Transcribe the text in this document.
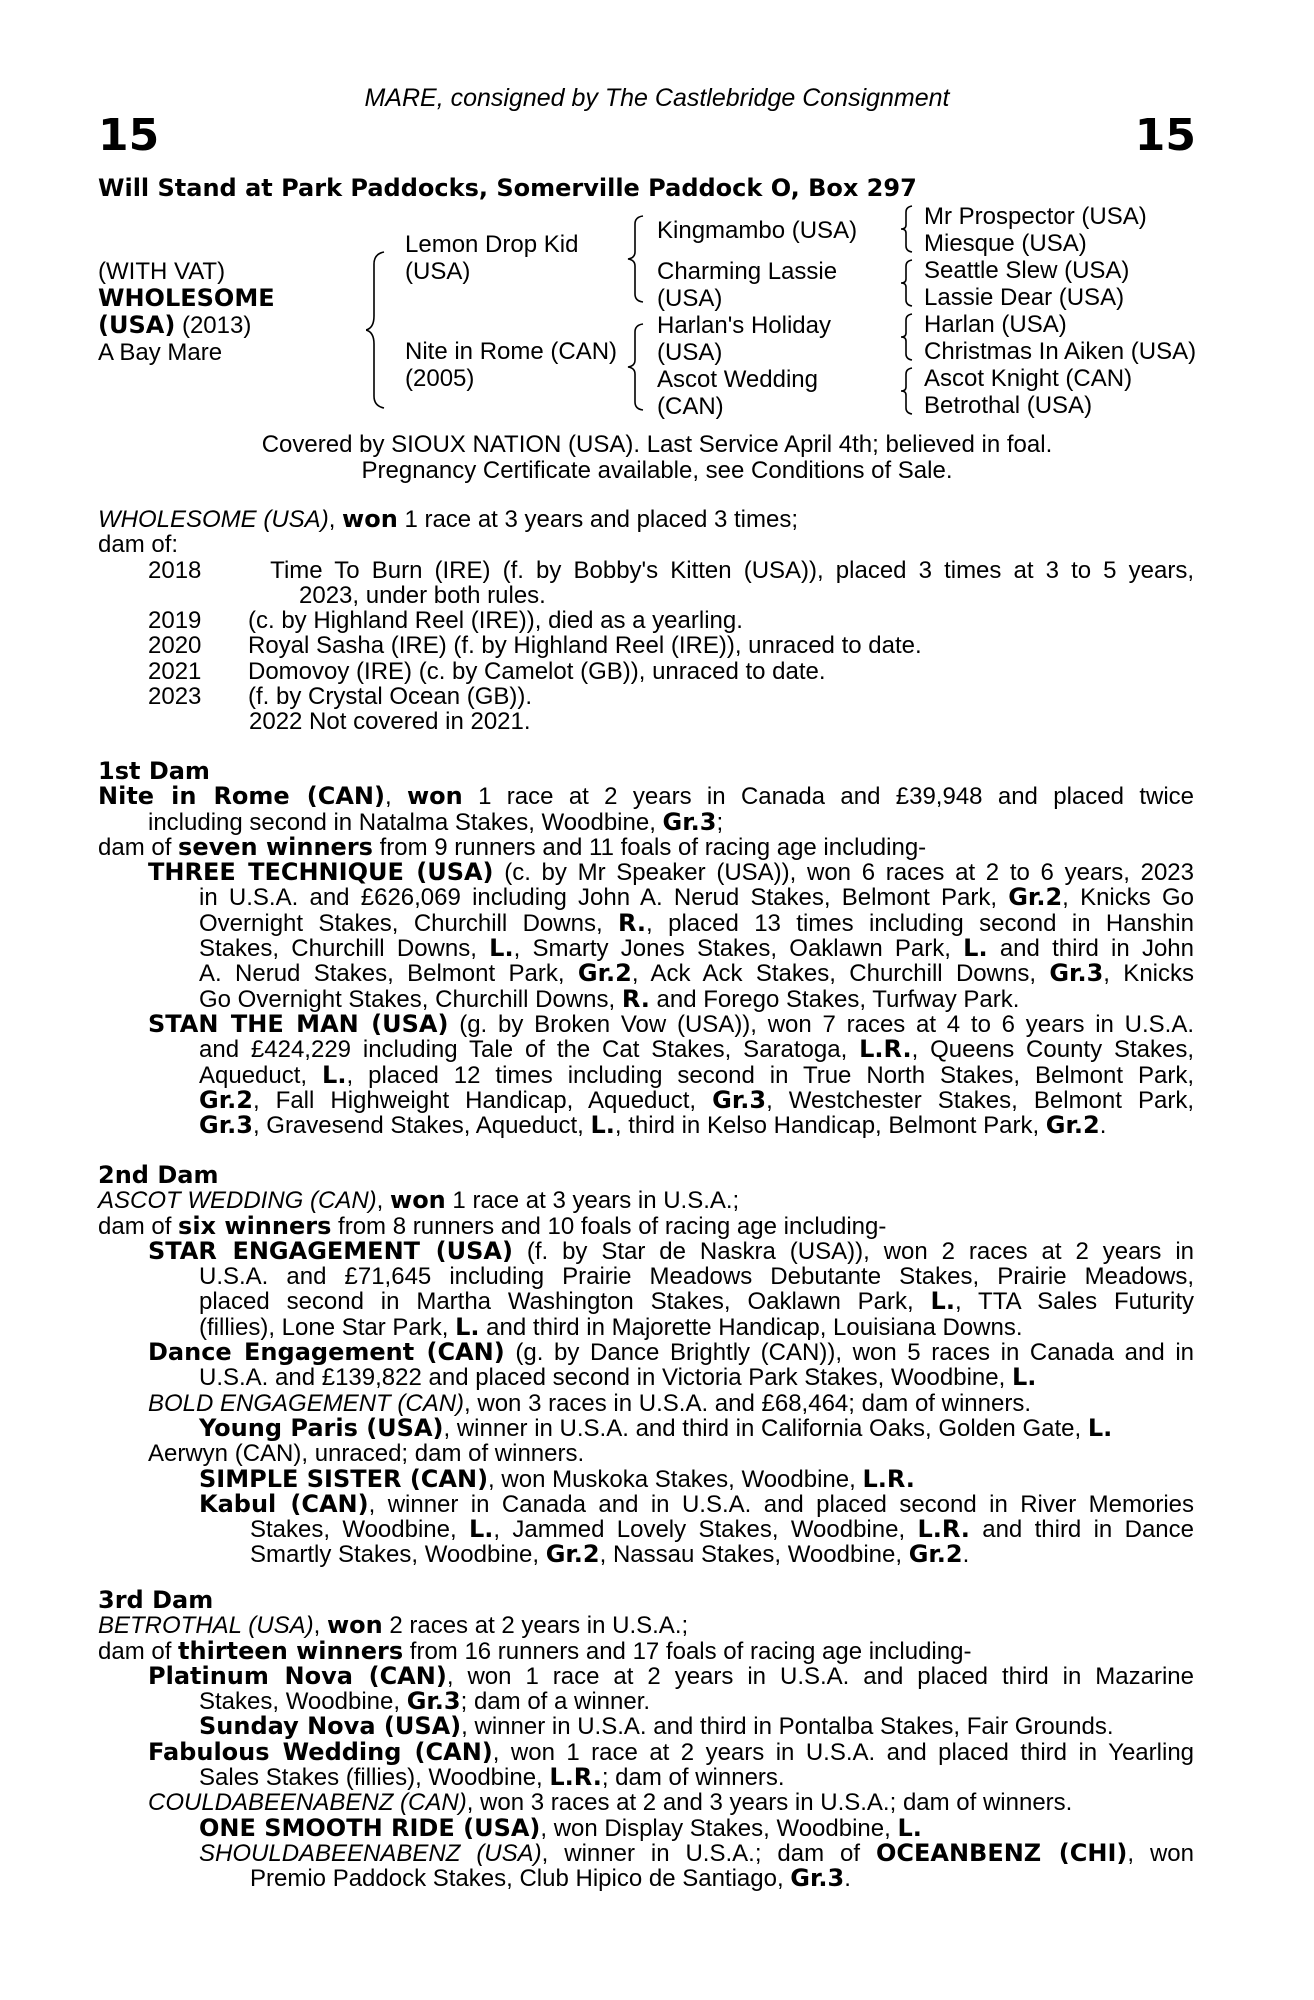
MARE, consigned by The Castlebridge Consignment
15	15
Will Stand at Park Paddocks, Somerville Paddock O, Box 297
(WITH VAT)
WHOLESOME
(USA) (2013)
A Bay Mare
Lemon Drop Kid
(USA)
Nite in Rome (CAN)
(2005)
Kingmambo (USA)
Charming Lassie
(USA)
Harlan's Holiday
(USA)
Ascot Wedding
(CAN)
Mr Prospector (USA)
Miesque (USA)
Seattle Slew (USA)
Lassie Dear (USA)
Harlan (USA)
Christmas In Aiken (USA)
Ascot Knight (CAN)
Betrothal (USA)
Covered by SIOUX NATION (USA). Last Service April 4th; believed in foal.
Pregnancy Certificate available, see Conditions of Sale.
WHOLESOME (USA), won 1 race at 3 years and placed 3 times;
dam of:
2018	Time To Burn (IRE) (f. by Bobby's Kitten (USA)), placed 3 times at 3 to 5 years,
2023, under both rules.
2019 (c. by Highland Reel (IRE)), died as a yearling.
2020 Royal Sasha (IRE) (f. by Highland Reel (IRE)), unraced to date.
2021 Domovoy (IRE) (c. by Camelot (GB)), unraced to date.
2023 (f. by Crystal Ocean (GB)).
2022 Not covered in 2021.
1st Dam
Nite in Rome (CAN), won 1 race at 2 years in Canada and £39,948 and placed twice
including second in Natalma Stakes, Woodbine, Gr.3;
dam of seven winners from 9 runners and 11 foals of racing age including-
THREE TECHNIQUE (USA) (c. by Mr Speaker (USA)), won 6 races at 2 to 6 years, 2023
in U.S.A. and £626,069 including John A. Nerud Stakes, Belmont Park, Gr.2, Knicks Go
Overnight Stakes, Churchill Downs, R., placed 13 times including second in Hanshin
Stakes, Churchill Downs, L., Smarty Jones Stakes, Oaklawn Park, L. and third in John
A. Nerud Stakes, Belmont Park, Gr.2, Ack Ack Stakes, Churchill Downs, Gr.3, Knicks
Go Overnight Stakes, Churchill Downs, R. and Forego Stakes, Turfway Park.
STAN THE MAN (USA) (g. by Broken Vow (USA)), won 7 races at 4 to 6 years in U.S.A.
and £424,229 including Tale of the Cat Stakes, Saratoga, L.R., Queens County Stakes,
Aqueduct, L., placed 12 times including second in True North Stakes, Belmont Park,
Gr.2, Fall Highweight Handicap, Aqueduct, Gr.3, Westchester Stakes, Belmont Park,
Gr.3, Gravesend Stakes, Aqueduct, L., third in Kelso Handicap, Belmont Park, Gr.2.
2nd Dam
ASCOT WEDDING (CAN), won 1 race at 3 years in U.S.A.;
dam of six winners from 8 runners and 10 foals of racing age including-
STAR ENGAGEMENT (USA) (f. by Star de Naskra (USA)), won 2 races at 2 years in
U.S.A. and £71,645 including Prairie Meadows Debutante Stakes, Prairie Meadows,
placed second in Martha Washington Stakes, Oaklawn Park, L., TTA Sales Futurity
(fillies), Lone Star Park, L. and third in Majorette Handicap, Louisiana Downs.
Dance Engagement (CAN) (g. by Dance Brightly (CAN)), won 5 races in Canada and in
U.S.A. and £139,822 and placed second in Victoria Park Stakes, Woodbine, L.
BOLD ENGAGEMENT (CAN), won 3 races in U.S.A. and £68,464; dam of winners.
Young Paris (USA), winner in U.S.A. and third in California Oaks, Golden Gate, L.
Aerwyn (CAN), unraced; dam of winners.
SIMPLE SISTER (CAN), won Muskoka Stakes, Woodbine, L.R.
Kabul (CAN), winner in Canada and in U.S.A. and placed second in River Memories
Stakes, Woodbine, L., Jammed Lovely Stakes, Woodbine, L.R. and third in Dance
Smartly Stakes, Woodbine, Gr.2, Nassau Stakes, Woodbine, Gr.2.
3rd Dam
BETROTHAL (USA), won 2 races at 2 years in U.S.A.;
dam of thirteen winners from 16 runners and 17 foals of racing age including-
Platinum Nova (CAN), won 1 race at 2 years in U.S.A. and placed third in Mazarine
Stakes, Woodbine, Gr.3; dam of a winner.
Sunday Nova (USA), winner in U.S.A. and third in Pontalba Stakes, Fair Grounds.
Fabulous Wedding (CAN), won 1 race at 2 years in U.S.A. and placed third in Yearling
Sales Stakes (fillies), Woodbine, L.R.; dam of winners.
COULDABEENABENZ (CAN), won 3 races at 2 and 3 years in U.S.A.; dam of winners.
ONE SMOOTH RIDE (USA), won Display Stakes, Woodbine, L.
SHOULDABEENABENZ (USA), winner in U.S.A.; dam of OCEANBENZ (CHI), won
Premio Paddock Stakes, Club Hipico de Santiago, Gr.3.
